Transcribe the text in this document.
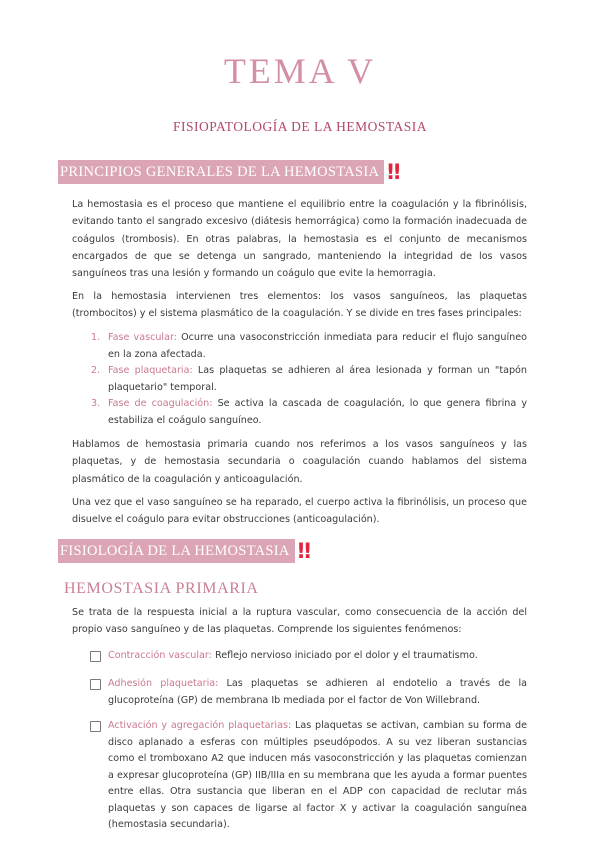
TEMA V
FISIOPATOLOGÍA DE LA HEMOSTASIA
PRINCIPIOS GENERALES DE LA HEMOSTASIA ‼
La hemostasia es el proceso que mantiene el equilibrio entre la coagulación y la fibrinólisis, evitando tanto el sangrado excesivo (diátesis hemorrágica) como la formación inadecuada de coágulos (trombosis). En otras palabras, la hemostasia es el conjunto de mecanismos encargados de que se detenga un sangrado, manteniendo la integridad de los vasos sanguíneos tras una lesión y formando un coágulo que evite la hemorragia.
En la hemostasia intervienen tres elementos: los vasos sanguíneos, las plaquetas (trombocitos) y el sistema plasmático de la coagulación. Y se divide en tres fases principales:
1. Fase vascular: Ocurre una vasoconstricción inmediata para reducir el flujo sanguíneo en la zona afectada.
2. Fase plaquetaria: Las plaquetas se adhieren al área lesionada y forman un "tapón plaquetario" temporal.
3. Fase de coagulación: Se activa la cascada de coagulación, lo que genera fibrina y estabiliza el coágulo sanguíneo.
Hablamos de hemostasia primaria cuando nos referimos a los vasos sanguíneos y las plaquetas, y de hemostasia secundaria o coagulación cuando hablamos del sistema plasmático de la coagulación y anticoagulación.
Una vez que el vaso sanguíneo se ha reparado, el cuerpo activa la fibrinólisis, un proceso que disuelve el coágulo para evitar obstrucciones (anticoagulación).
FISIOLOGÍA DE LA HEMOSTASIA ‼
HEMOSTASIA PRIMARIA
Se trata de la respuesta inicial a la ruptura vascular, como consecuencia de la acción del propio vaso sanguíneo y de las plaquetas. Comprende los siguientes fenómenos:
Contracción vascular: Reflejo nervioso iniciado por el dolor y el traumatismo.
Adhesión plaquetaria: Las plaquetas se adhieren al endotelio a través de la glucoproteína (GP) de membrana Ib mediada por el factor de Von Willebrand.
Activación y agregación plaquetarias: Las plaquetas se activan, cambian su forma de disco aplanado a esferas con múltiples pseudópodos. A su vez liberan sustancias como el tromboxano A2 que inducen más vasoconstricción y las plaquetas comienzan a expresar glucoproteína (GP) IIB/IIIa en su membrana que les ayuda a formar puentes entre ellas. Otra sustancia que liberan en el ADP con capacidad de reclutar más plaquetas y son capaces de ligarse al factor X y activar la coagulación sanguínea (hemostasia secundaria).
